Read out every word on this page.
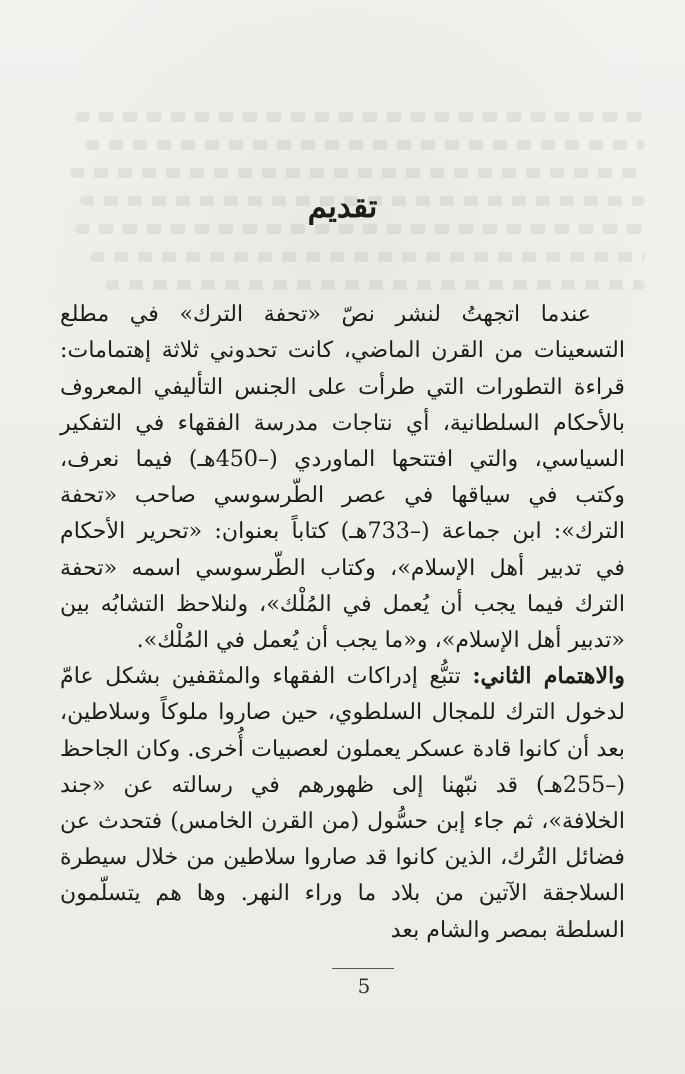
تقديم

عندما اتجهتُ لنشر نصّ «تحفة الترك» في مطلع التسعينات من القرن الماضي، كانت تحدوني ثلاثة إهتمامات: قراءة التطورات التي طرأت على الجنس التأليفي المعروف بالأحكام السلطانية، أي نتاجات مدرسة الفقهاء في التفكير السياسي، والتي افتتحها الماوردي (–450هـ) فيما نعرف، وكتب في سياقها في عصر الطّرسوسي صاحب «تحفة الترك»: ابن جماعة (–733هـ) كتاباً بعنوان: «تحرير الأحكام في تدبير أهل الإسلام»، وكتاب الطّرسوسي اسمه «تحفة الترك فيما يجب أن يُعمل في المُلْك»، ولنلاحظ التشابُه بين «تدبير أهل الإسلام»، و«ما يجب أن يُعمل في المُلْك».

والاهتمام الثاني: تتبُّع إدراكات الفقهاء والمثقفين بشكل عامّ لدخول الترك للمجال السلطوي، حين صاروا ملوكاً وسلاطين، بعد أن كانوا قادة عسكر يعملون لعصبيات أُخرى. وكان الجاحظ (–255هـ) قد نبّهنا إلى ظهورهم في رسالته عن «جند الخلافة»، ثم جاء إبن حسُّول (من القرن الخامس) فتحدث عن فضائل التُرك، الذين كانوا قد صاروا سلاطين من خلال سيطرة السلاجقة الآتين من بلاد ما وراء النهر. وها هم يتسلّمون السلطة بمصر والشام بعد

5
